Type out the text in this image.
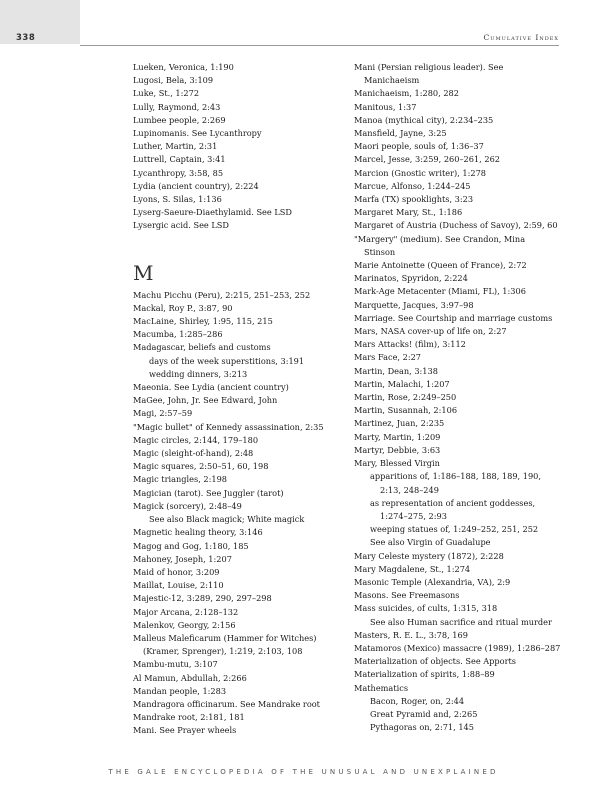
338	Cumulative Index
Lueken, Veronica, 1:190
Lugosi, Bela, 3:109
Luke, St., 1:272
Lully, Raymond, 2:43
Lumbee people, 2:269
Lupinomanis. See Lycanthropy
Luther, Martin, 2:31
Luttrell, Captain, 3:41
Lycanthropy, 3:58, 85
Lydia (ancient country), 2:224
Lyons, S. Silas, 1:136
Lyserg-Saeure-Diaethylamid. See LSD
Lysergic acid. See LSD
M
Machu Picchu (Peru), 2:215, 251–253, 252
Mackal, Roy P., 3:87, 90
MacLaine, Shirley, 1:95, 115, 215
Macumba, 1:285–286
Madagascar, beliefs and customs
days of the week superstitions, 3:191
wedding dinners, 3:213
Maeonia. See Lydia (ancient country)
MaGee, John, Jr. See Edward, John
Magi, 2:57–59
"Magic bullet" of Kennedy assassination, 2:35
Magic circles, 2:144, 179–180
Magic (sleight-of-hand), 2:48
Magic squares, 2:50–51, 60, 198
Magic triangles, 2:198
Magician (tarot). See Juggler (tarot)
Magick (sorcery), 2:48–49
See also Black magick; White magick
Magnetic healing theory, 3:146
Magog and Gog, 1:180, 185
Mahoney, Joseph, 1:207
Maid of honor, 3:209
Maillat, Louise, 2:110
Majestic-12, 3:289, 290, 297–298
Major Arcana, 2:128–132
Malenkov, Georgy, 2:156
Malleus Maleficarum (Hammer for Witches)
(Kramer, Sprenger), 1:219, 2:103, 108
Mambu-mutu, 3:107
Al Mamun, Abdullah, 2:266
Mandan people, 1:283
Mandragora officinarum. See Mandrake root
Mandrake root, 2:181, 181
Mani. See Prayer wheels
Mani (Persian religious leader). See
Manichaeism
Manichaeism, 1:280, 282
Manitous, 1:37
Manoa (mythical city), 2:234–235
Mansfield, Jayne, 3:25
Maori people, souls of, 1:36–37
Marcel, Jesse, 3:259, 260–261, 262
Marcion (Gnostic writer), 1:278
Marcue, Alfonso, 1:244–245
Marfa (TX) spooklights, 3:23
Margaret Mary, St., 1:186
Margaret of Austria (Duchess of Savoy), 2:59, 60
"Margery" (medium). See Crandon, Mina
Stinson
Marie Antoinette (Queen of France), 2:72
Marinatos, Spyridon, 2:224
Mark-Age Metacenter (Miami, FL), 1:306
Marquette, Jacques, 3:97–98
Marriage. See Courtship and marriage customs
Mars, NASA cover-up of life on, 2:27
Mars Attacks! (film), 3:112
Mars Face, 2:27
Martin, Dean, 3:138
Martin, Malachi, 1:207
Martin, Rose, 2:249–250
Martin, Susannah, 2:106
Martinez, Juan, 2:235
Marty, Martin, 1:209
Martyr, Debbie, 3:63
Mary, Blessed Virgin
apparitions of, 1:186–188, 188, 189, 190,
2:13, 248–249
as representation of ancient goddesses,
1:274–275, 2:93
weeping statues of, 1:249–252, 251, 252
See also Virgin of Guadalupe
Mary Celeste mystery (1872), 2:228
Mary Magdalene, St., 1:274
Masonic Temple (Alexandria, VA), 2:9
Masons. See Freemasons
Mass suicides, of cults, 1:315, 318
See also Human sacrifice and ritual murder
Masters, R. E. L., 3:78, 169
Matamoros (Mexico) massacre (1989), 1:286–287
Materialization of objects. See Apports
Materialization of spirits, 1:88–89
Mathematics
Bacon, Roger, on, 2:44
Great Pyramid and, 2:265
Pythagoras on, 2:71, 145
THE GALE ENCYCLOPEDIA OF THE UNUSUAL AND UNEXPLAINED
